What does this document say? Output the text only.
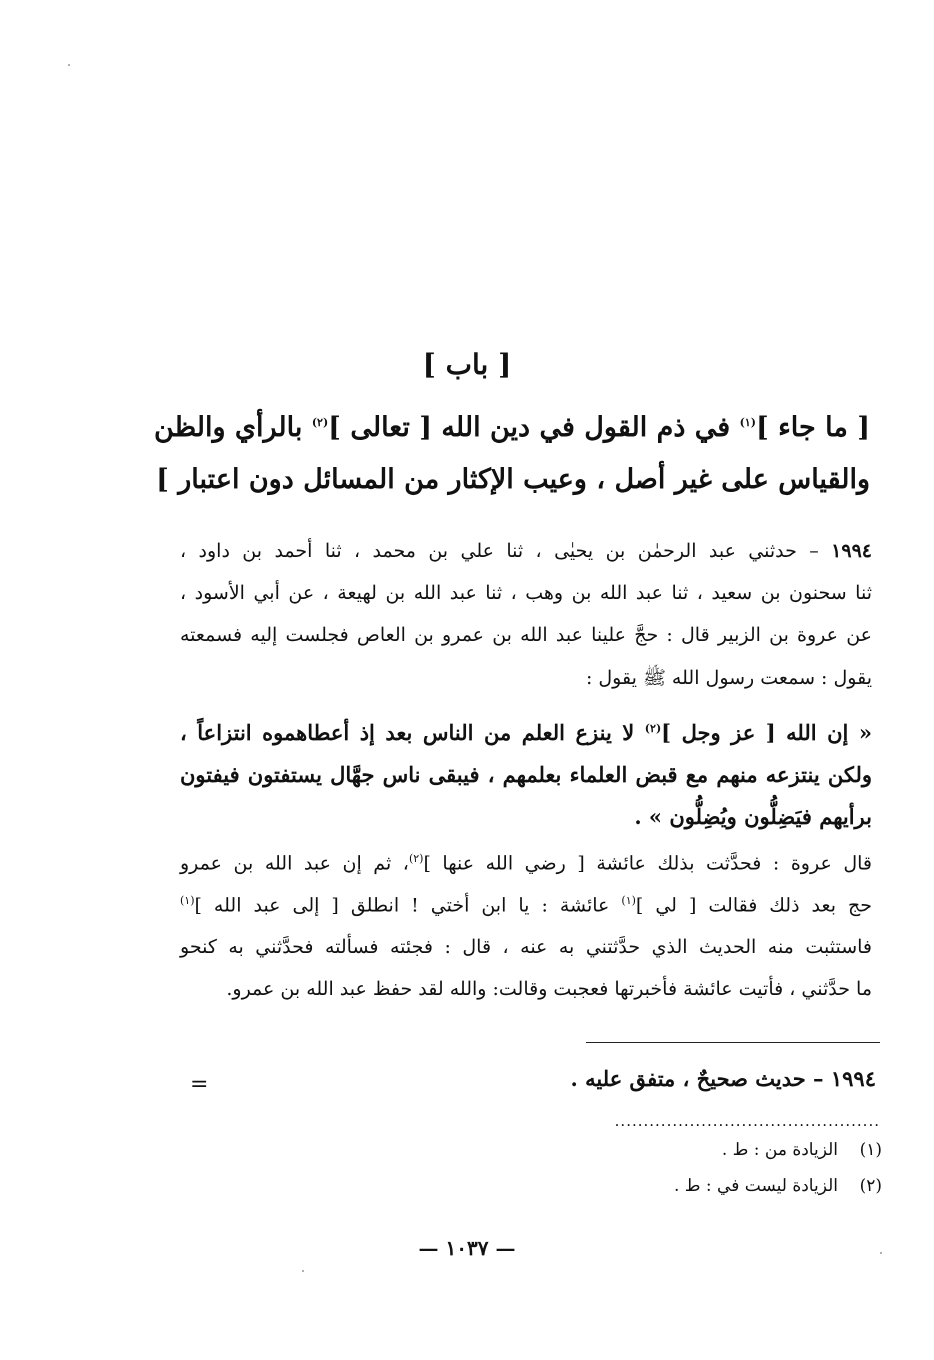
[ باب ]
[ ما جاء ]$^{(١)}$ في ذم القول في دين الله [ تعالى ]$^{(٢)}$ بالرأي والظن
والقياس على غير أصل ، وعيب الإكثار من المسائل دون اعتبار ]
١٩٩٤ – حدثني عبد الرحمٰن بن يحيٰى ، ثنا علي بن محمد ، ثنا أحمد بن داود ،
ثنا سحنون بن سعيد ، ثنا عبد الله بن وهب ، ثنا عبد الله بن لهيعة ، عن أبي الأسود ،
عن عروة بن الزبير قال : حجَّ علينا عبد الله بن عمرو بن العاص فجلست إليه فسمعته
يقول : سمعت رسول الله ﷺ يقول :
« إن الله [ عز وجل ]$^{(٢)}$ لا ينزع العلم من الناس بعد إذ أعطاهموه انتزاعاً ،
ولكن ينتزعه منهم مع قبض العلماء بعلمهم ، فيبقى ناس جهَّال يستفتون فيفتون
برأيهم فيَضِلُّون ويُضِلُّون » .
قال عروة : فحدَّثت بذلك عائشة [ رضي الله عنها ]$^{(٢)}$، ثم إن عبد الله بن عمرو
حج بعد ذلك فقالت [ لي ]$^{(١)}$ عائشة : يا ابن أختي ! انطلق [ إلى عبد الله ]$^{(١)}$
فاستثبت منه الحديث الذي حدَّثتني به عنه ، قال : فجئته فسألته فحدَّثني به كنحو
ما حدَّثني ، فأتيت عائشة فأخبرتها فعجبت وقالت: والله لقد حفظ عبد الله بن عمرو.
١٩٩٤ – حديث صحيحٌ ، متفق عليه .
=
..............................................
(١)الزيادة من : ط .
(٢)الزيادة ليست في : ط .
— ١٠٣٧ —
